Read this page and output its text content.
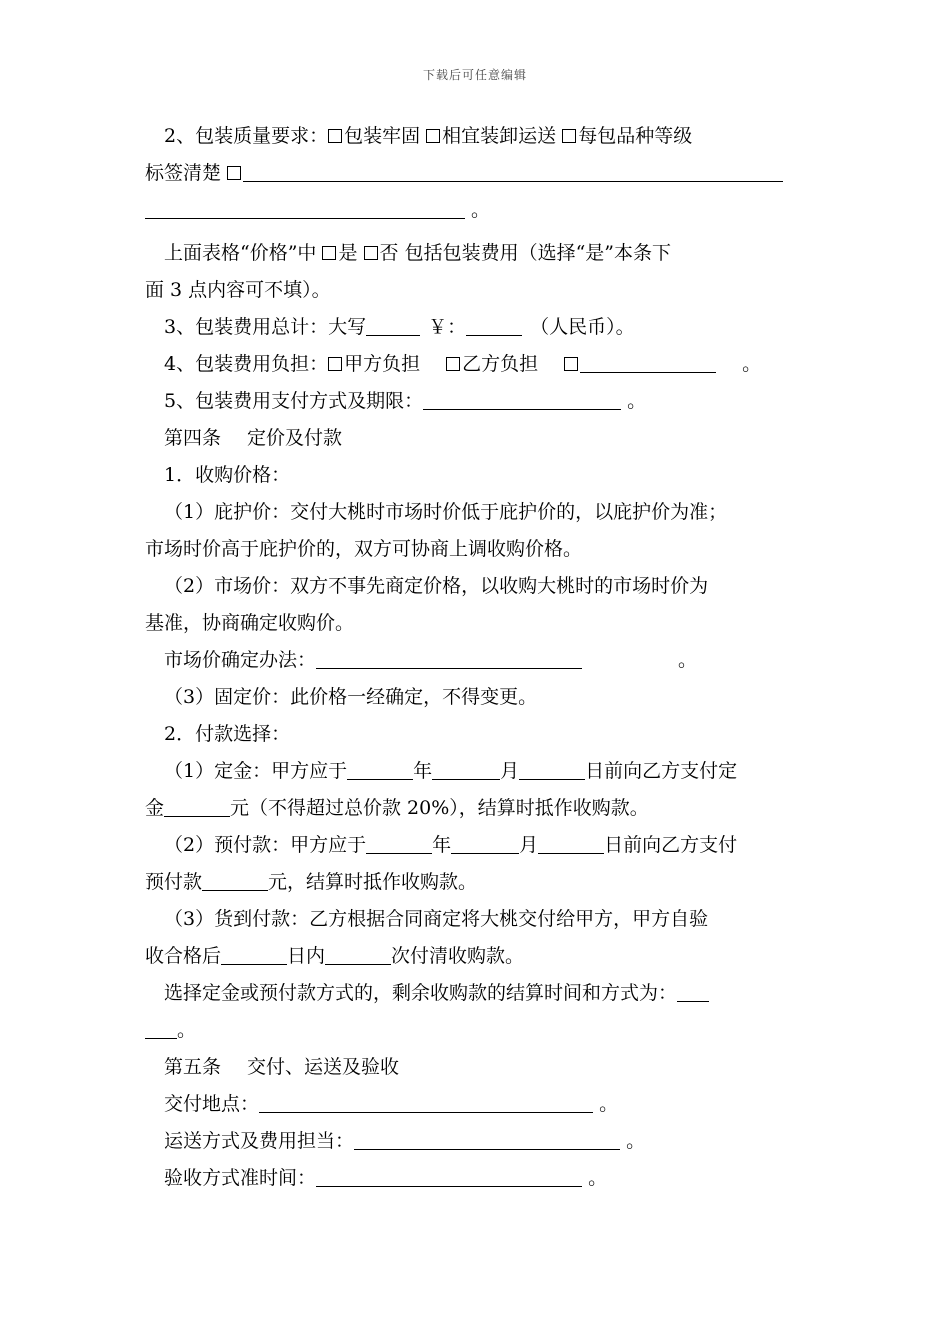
下载后可任意编辑

2、包装质量要求： 包装牢固 相宜装卸运送 每包品种等级

标签清楚

。

上面表格“价格”中 是 否 包括包装费用（选择“是”本条下

面 3 点内容可不填）。

3、包装费用总计：大写	￥：	（人民币）。

4、包装费用负担： 甲方负担 乙方负担	。

5、包装费用支付方式及期限：	。

第四条 定价及付款

1．收购价格：

（1）庇护价：交付大桃时市场时价低于庇护价的，以庇护价为准；

市场时价高于庇护价的，双方可协商上调收购价格。

（2）市场价：双方不事先商定价格，以收购大桃时的市场时价为

基准，协商确定收购价。

市场价确定办法：	。

（3）固定价：此价格一经确定，不得变更。

2．付款选择：

（1）定金：甲方应于	年	月	日前向乙方支付定

金	元（不得超过总价款 20%），结算时抵作收购款。

（2）预付款：甲方应于	年	月	日前向乙方支付

预付款	元，结算时抵作收购款。

（3）货到付款：乙方根据合同商定将大桃交付给甲方，甲方自验

收合格后	日内	次付清收购款。

选择定金或预付款方式的，剩余收购款的结算时间和方式为：

。

第五条 交付、运送及验收

交付地点：	。

运送方式及费用担当：	。

验收方式准时间：	。
